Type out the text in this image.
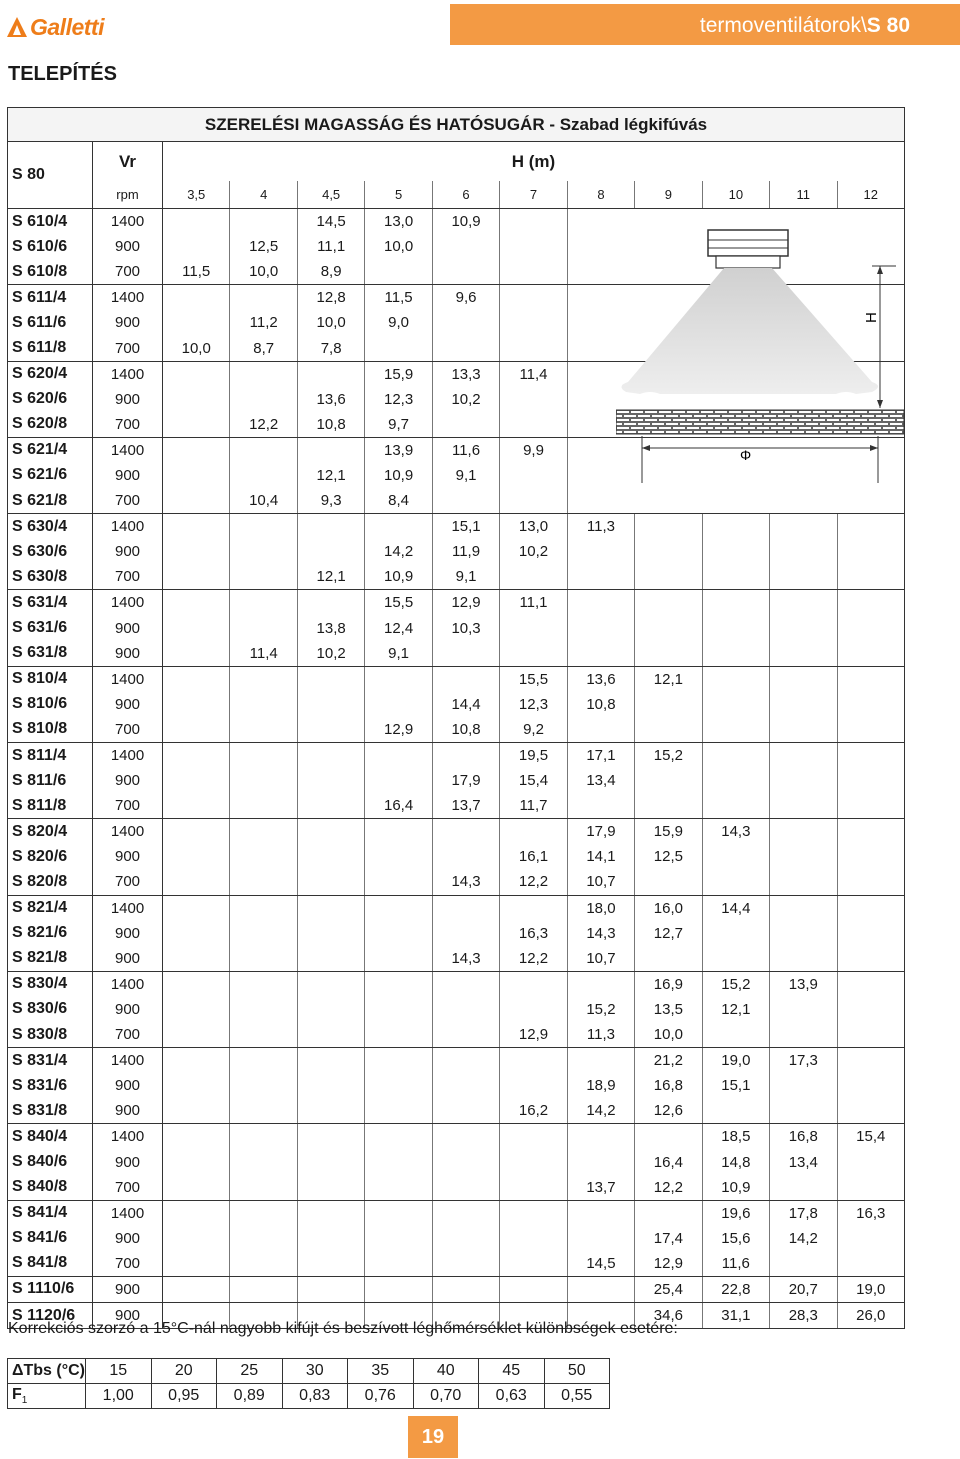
Galletti	termoventilátorok\S 80
TELEPÍTÉS
SZERELÉSI MAGASSÁG ÉS HATÓSUGÁR - Szabad légkifúvás												
S 80	Vr	H (m)										
	rpm	3,5	4	4,5	5	6	7	8	9	10	11	12
S 610/4	1400			14,5	13,0	10,9						
S 610/6	900		12,5	11,1	10,0							
S 610/8	700	11,5	10,0	8,9								
S 611/4	1400			12,8	11,5	9,6						
S 611/6	900		11,2	10,0	9,0							
S 611/8	700	10,0	8,7	7,8								
S 620/4	1400				15,9	13,3	11,4					
S 620/6	900			13,6	12,3	10,2						
S 620/8	700		12,2	10,8	9,7							
S 621/4	1400				13,9	11,6	9,9					
S 621/6	900			12,1	10,9	9,1						
S 621/8	700		10,4	9,3	8,4							
S 630/4	1400					15,1	13,0	11,3				
S 630/6	900				14,2	11,9	10,2					
S 630/8	700			12,1	10,9	9,1						
S 631/4	1400				15,5	12,9	11,1					
S 631/6	900			13,8	12,4	10,3						
S 631/8	900		11,4	10,2	9,1							
S 810/4	1400						15,5	13,6	12,1			
S 810/6	900					14,4	12,3	10,8				
S 810/8	700				12,9	10,8	9,2					
S 811/4	1400						19,5	17,1	15,2			
S 811/6	900					17,9	15,4	13,4				
S 811/8	700				16,4	13,7	11,7					
S 820/4	1400							17,9	15,9	14,3		
S 820/6	900						16,1	14,1	12,5			
S 820/8	700					14,3	12,2	10,7				
S 821/4	1400							18,0	16,0	14,4		
S 821/6	900						16,3	14,3	12,7			
S 821/8	900					14,3	12,2	10,7				
S 830/4	1400								16,9	15,2	13,9	
S 830/6	900							15,2	13,5	12,1		
S 830/8	700						12,9	11,3	10,0			
S 831/4	1400								21,2	19,0	17,3	
S 831/6	900							18,9	16,8	15,1		
S 831/8	900						16,2	14,2	12,6			
S 840/4	1400									18,5	16,8	15,4
S 840/6	900								16,4	14,8	13,4	
S 840/8	700							13,7	12,2	10,9		
S 841/4	1400									19,6	17,8	16,3
S 841/6	900								17,4	15,6	14,2	
S 841/8	700							14,5	12,9	11,6		
S 1110/6	900								25,4	22,8	20,7	19,0
S 1120/6	900								34,6	31,1	28,3	26,0
H
Φ
Korrekciós szorzó a 15°C-nál nagyobb kifújt és beszívott léghőmérséklet különbségek esetére:
ΔTbs (°C)	15	20	25	30	35	40	45	50
$F_1$	1,00	0,95	0,89	0,83	0,76	0,70	0,63	0,55
19
